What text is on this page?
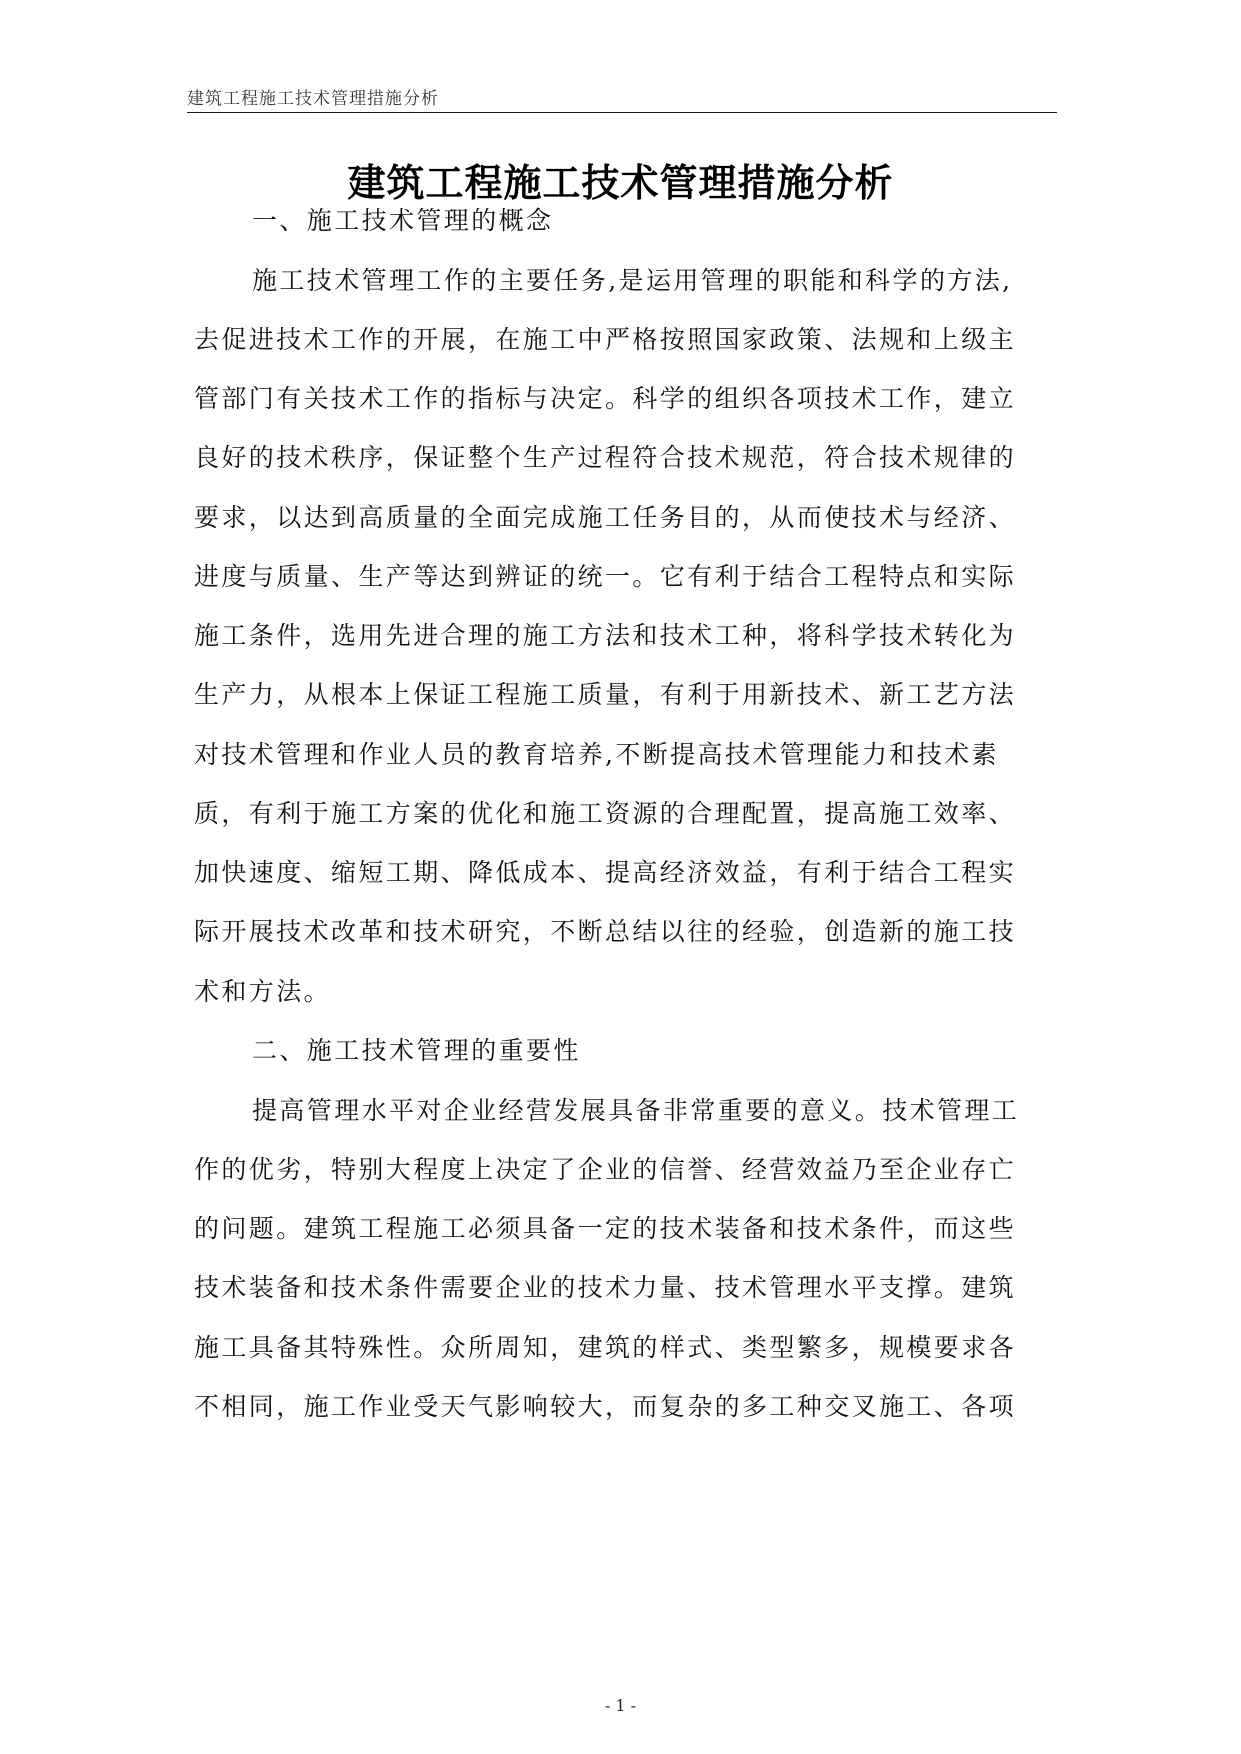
建筑工程施工技术管理措施分析
建筑工程施工技术管理措施分析
一、施工技术管理的概念
施工技术管理工作的主要任务,是运用管理的职能和科学的方法,
去促进技术工作的开展，在施工中严格按照国家政策、法规和上级主
管部门有关技术工作的指标与决定。科学的组织各项技术工作，建立
良好的技术秩序，保证整个生产过程符合技术规范，符合技术规律的
要求，以达到高质量的全面完成施工任务目的，从而使技术与经济、
进度与质量、生产等达到辨证的统一。它有利于结合工程特点和实际
施工条件，选用先进合理的施工方法和技术工种，将科学技术转化为
生产力，从根本上保证工程施工质量，有利于用新技术、新工艺方法
对技术管理和作业人员的教育培养,不断提高技术管理能力和技术素
质，有利于施工方案的优化和施工资源的合理配置，提高施工效率、
加快速度、缩短工期、降低成本、提高经济效益，有利于结合工程实
际开展技术改革和技术研究，不断总结以往的经验，创造新的施工技
术和方法。
二、施工技术管理的重要性
提高管理水平对企业经营发展具备非常重要的意义。技术管理工
作的优劣，特别大程度上决定了企业的信誉、经营效益乃至企业存亡
的问题。建筑工程施工必须具备一定的技术装备和技术条件，而这些
技术装备和技术条件需要企业的技术力量、技术管理水平支撑。建筑
施工具备其特殊性。众所周知，建筑的样式、类型繁多，规模要求各
不相同，施工作业受天气影响较大，而复杂的多工种交叉施工、各项
- 1 -
